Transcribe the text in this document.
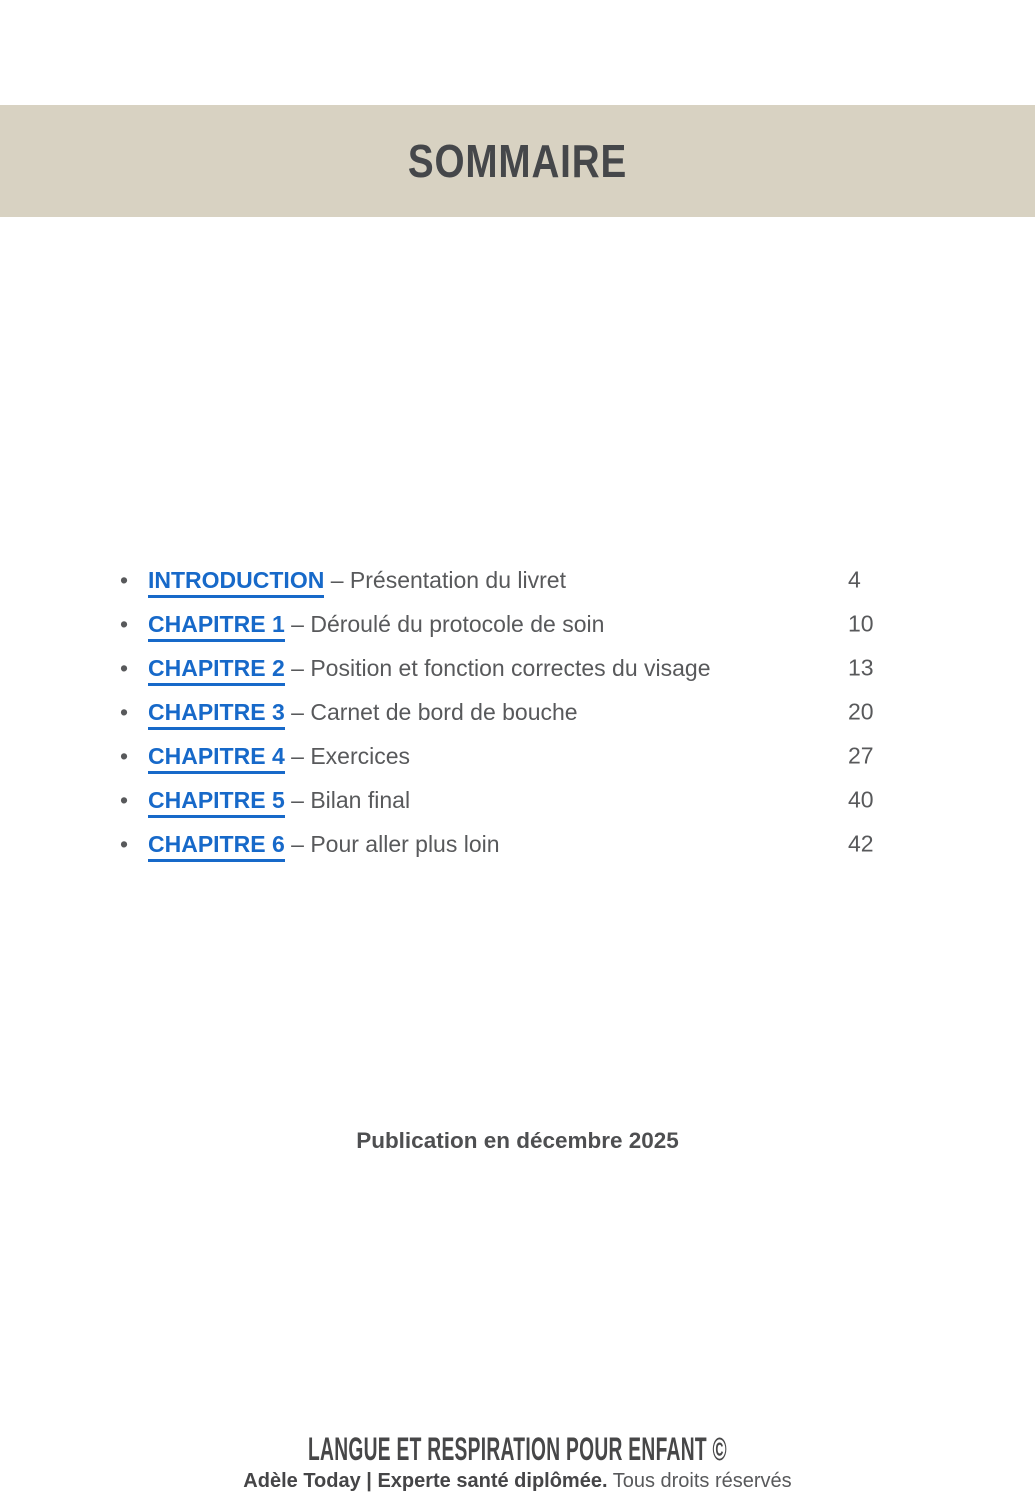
SOMMAIRE
• INTRODUCTION – Présentation du livret	4
• CHAPITRE 1 – Déroulé du protocole de soin	10
• CHAPITRE 2 – Position et fonction correctes du visage	13
• CHAPITRE 3 – Carnet de bord de bouche	20
• CHAPITRE 4 – Exercices	27
• CHAPITRE 5 – Bilan final	40
• CHAPITRE 6 – Pour aller plus loin	42

Publication en décembre 2025

LANGUE ET RESPIRATION POUR ENFANT ©
Adèle Today | Experte santé diplômée. Tous droits réservés
